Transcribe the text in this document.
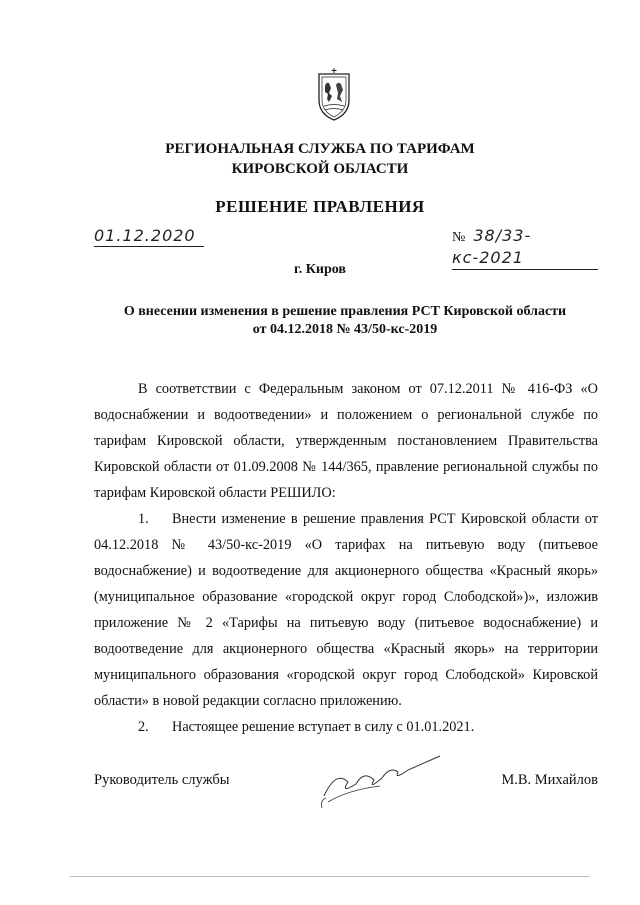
РЕГИОНАЛЬНАЯ СЛУЖБА ПО ТАРИФАМ
КИРОВСКОЙ ОБЛАСТИ
РЕШЕНИЕ ПРАВЛЕНИЯ
01.12.2020	№ 38/33-кс-2021
г. Киров
О внесении изменения в решение правления РСТ Кировской области от 04.12.2018 № 43/50-кс-2019

В соответствии с Федеральным законом от 07.12.2011 № 416-ФЗ «О водоснабжении и водоотведении» и положением о региональной службе по тарифам Кировской области, утвержденным постановлением Правительства Кировской области от 01.09.2008 № 144/365, правление региональной службы по тарифам Кировской области РЕШИЛО:

1. Внести изменение в решение правления РСТ Кировской области от 04.12.2018 № 43/50-кс-2019 «О тарифах на питьевую воду (питьевое водоснабжение) и водоотведение для акционерного общества «Красный якорь» (муниципальное образование «городской округ город Слободской»)», изложив приложение № 2 «Тарифы на питьевую воду (питьевое водоснабжение) и водоотведение для акционерного общества «Красный якорь» на территории муниципального образования «городской округ город Слободской» Кировской области» в новой редакции согласно приложению.

2. Настоящее решение вступает в силу с 01.01.2021.

Руководитель службы	М.В. Михайлов
